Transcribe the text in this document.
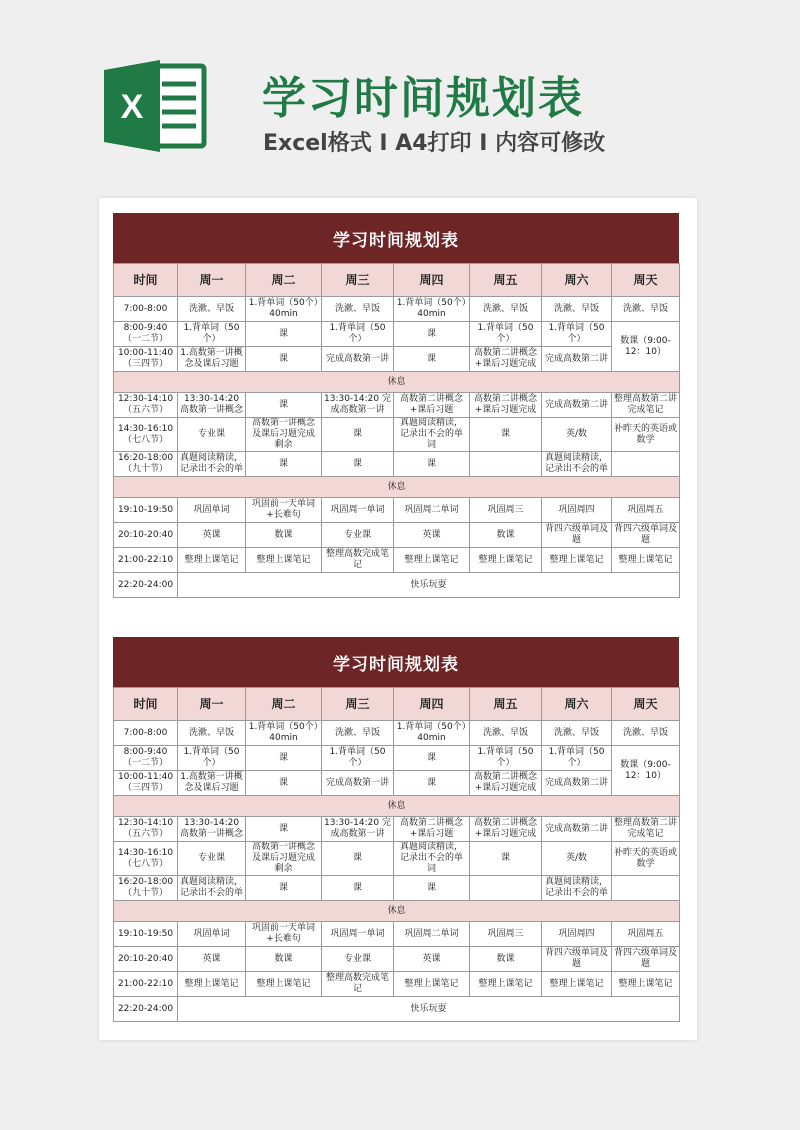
X	学习时间规划表
Excel格式 I A4打印 I 内容可修改
学习时间规划表
时间	周一	周二	周三	周四	周五	周六	周天
7:00-8:00	洗漱、早饭	1.背单词（50个）40min	洗漱、早饭	1.背单词（50个）40min	洗漱、早饭	洗漱、早饭	洗漱、早饭
8:00-9:40（一二节）	1.背单词（50个）	课	1.背单词（50个）	课	1.背单词（50个）	1.背单词（50个）	数课（9:00-12：10）
10:00-11:40（三四节）	1.高数第一讲概念及课后习题	课	完成高数第一讲	课	高数第二讲概念+课后习题完成	完成高数第二讲	
休息							
12:30-14:10（五六节）	13:30-14:20 高数第一讲概念	课	13:30-14:20 完成高数第一讲	高数第二讲概念+课后习题	高数第二讲概念+课后习题完成	完成高数第二讲	整理高数第二讲完成笔记
14:30-16:10（七八节）	专业课	高数第一讲概念及课后习题完成剩余	课	真题阅读精读，记录出不会的单词	课	英/数	补昨天的英语或数学
16:20-18:00（九十节）	真题阅读精读，记录出不会的单	课	课	课		真题阅读精读，记录出不会的单	
休息							
19:10-19:50	巩固单词	巩固前一天单词+长难句	巩固周一单词	巩固周二单词	巩固周三	巩固周四	巩固周五
20:10-20:40	英课	数课	专业课	英课	数课	背四六级单词及题	背四六级单词及题
21:00-22:10	整理上课笔记	整理上课笔记	整理高数完成笔记	整理上课笔记	整理上课笔记	整理上课笔记	整理上课笔记
22:20-24:00	快乐玩耍						
学习时间规划表
时间	周一	周二	周三	周四	周五	周六	周天
7:00-8:00	洗漱、早饭	1.背单词（50个）40min	洗漱、早饭	1.背单词（50个）40min	洗漱、早饭	洗漱、早饭	洗漱、早饭
8:00-9:40（一二节）	1.背单词（50个）	课	1.背单词（50个）	课	1.背单词（50个）	1.背单词（50个）	数课（9:00-12：10）
10:00-11:40（三四节）	1.高数第一讲概念及课后习题	课	完成高数第一讲	课	高数第二讲概念+课后习题完成	完成高数第二讲	
休息							
12:30-14:10（五六节）	13:30-14:20 高数第一讲概念	课	13:30-14:20 完成高数第一讲	高数第二讲概念+课后习题	高数第二讲概念+课后习题完成	完成高数第二讲	整理高数第二讲完成笔记
14:30-16:10（七八节）	专业课	高数第一讲概念及课后习题完成剩余	课	真题阅读精读，记录出不会的单词	课	英/数	补昨天的英语或数学
16:20-18:00（九十节）	真题阅读精读，记录出不会的单	课	课	课		真题阅读精读，记录出不会的单	
休息							
19:10-19:50	巩固单词	巩固前一天单词+长难句	巩固周一单词	巩固周二单词	巩固周三	巩固周四	巩固周五
20:10-20:40	英课	数课	专业课	英课	数课	背四六级单词及题	背四六级单词及题
21:00-22:10	整理上课笔记	整理上课笔记	整理高数完成笔记	整理上课笔记	整理上课笔记	整理上课笔记	整理上课笔记
22:20-24:00	快乐玩耍						
